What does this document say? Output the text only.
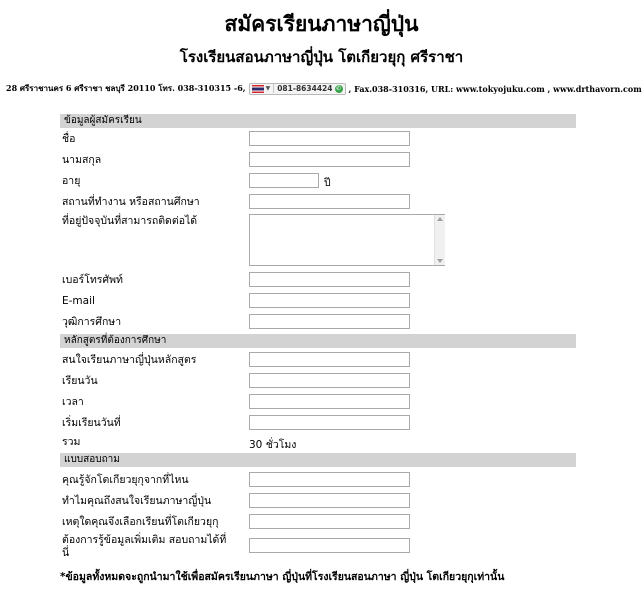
สมัครเรียนภาษาญี่ปุ่น
โรงเรียนสอนภาษาญี่ปุ่น โตเกียวยุกุ ศรีราชา
28 ศรีราชานคร 6 ศรีราชา ชลบุรี 20110 โทร. 038-310315 -6,	▼ 081-8634424 ✆ , Fax.038-310316, URL: www.tokyojuku.com , www.drthavorn.com
ข้อมูลผู้สมัครเรียน
ชื่อ
นามสกุล
อายุ	ปี
สถานที่ทำงาน หรือสถานศึกษา
ที่อยู่ปัจจุบันที่สามารถติดต่อได้
เบอร์โทรศัพท์
E-mail
วุฒิการศึกษา
หลักสูตรที่ต้องการศึกษา
สนใจเรียนภาษาญี่ปุ่นหลักสูตร
เรียนวัน
เวลา
เริ่มเรียนวันที่
รวม	30 ชั่วโมง
แบบสอบถาม
คุณรู้จักโตเกียวยุกุจากที่ไหน
ทำไมคุณถึงสนใจเรียนภาษาญี่ปุ่น
เหตุใดคุณจึงเลือกเรียนที่โตเกียวยุกุ
ต้องการรู้ข้อมูลเพิ่มเติม สอบถามได้ที่
นี่
*ข้อมูลทั้งหมดจะถูกนำมาใช้เพื่อสมัครเรียนภาษา ญี่ปุ่นที่โรงเรียนสอนภาษา ญี่ปุ่น โตเกียวยุกุเท่านั้น
